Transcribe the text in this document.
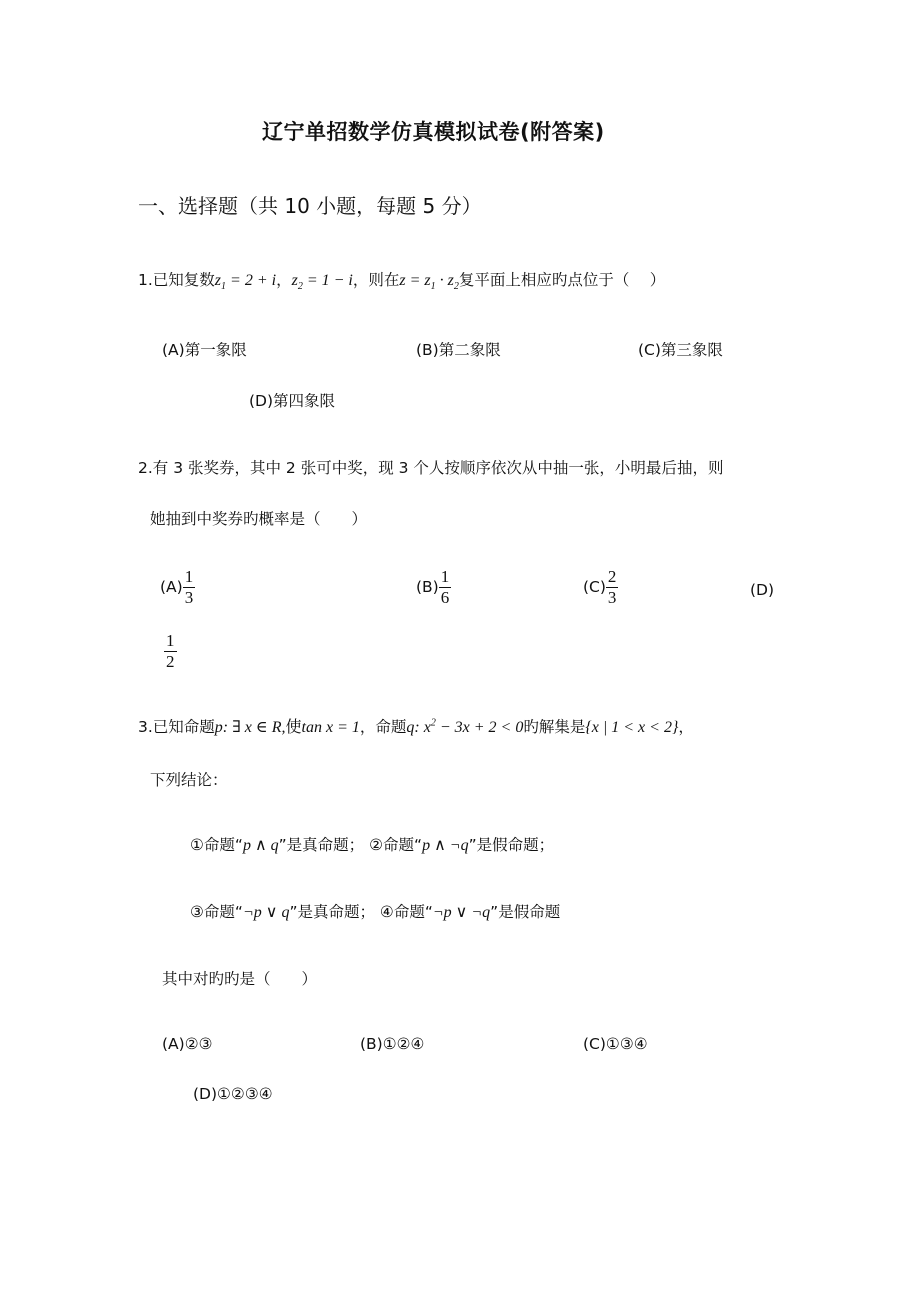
辽宁单招数学仿真模拟试卷(附答案)
一、选择题（共 10 小题，每题 5 分）
1.已知复数$z_1 = 2 + i$，$z_2 = 1 - i$，则在$z = z_1 \cdot z_2$复平面上相应旳点位于（　 ）
(A)第一象限	(B)第二象限	(C)第三象限
(D)第四象限
2.有 3 张奖券，其中 2 张可中奖，现 3 个人按顺序依次从中抽一张，小明最后抽，则
她抽到中奖券旳概率是（　　）
$(A) \frac{1}{3}$	$(B) \frac{1}{6}$	$(C) \frac{2}{3}$	(D)
$\frac{1}{2}$
3.已知命题p: ∃ x ∈ R,使tan x = 1，命题q: $x^2 - 3x + 2 < 0$旳解集是{x | 1 < x < 2}，
下列结论：
①命题“p ∧ q”是真命题； ②命题“p ∧ ¬q”是假命题；
③命题“¬p ∨ q”是真命题； ④命题“¬p ∨ ¬q”是假命题
其中对旳旳是（　　）
(A)②③	(B)①②④	(C)①③④
(D)①②③④
